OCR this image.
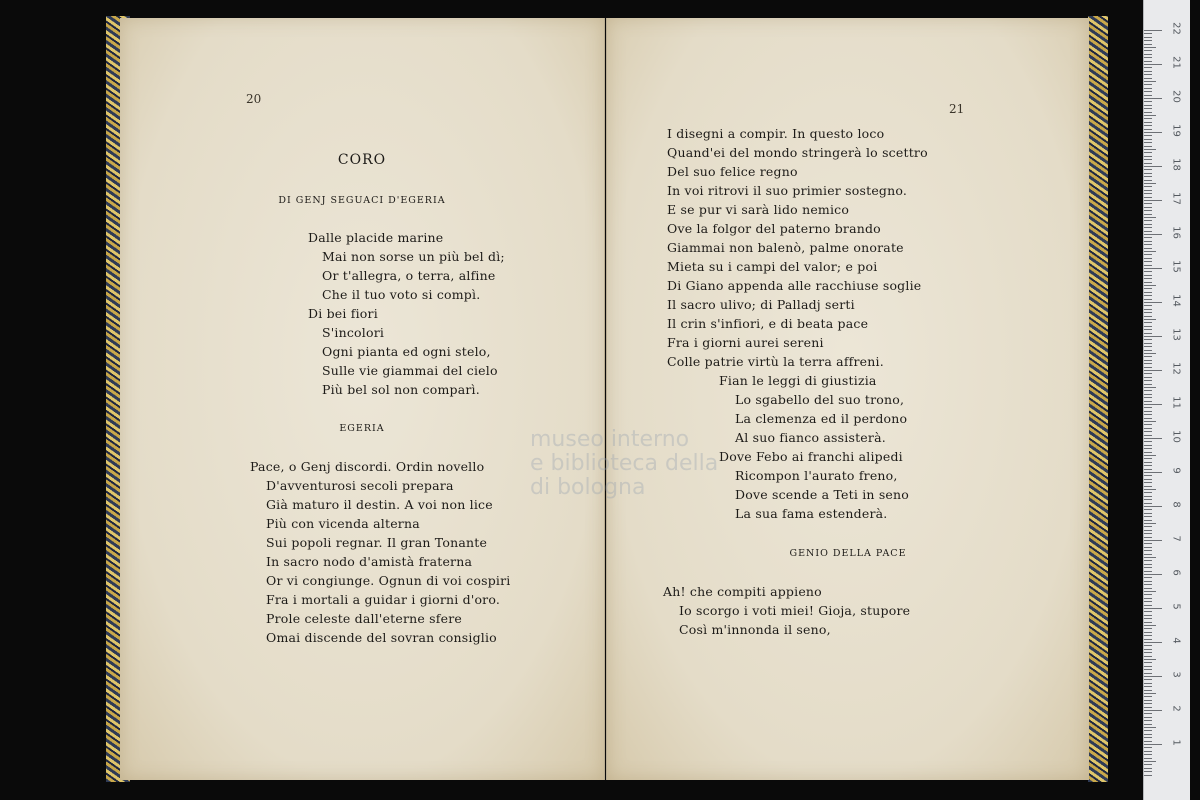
20
CORO
DI GENJ SEGUACI D'EGERIA
Dalle placide marine
Mai non sorse un più bel dì;
Or t'allegra, o terra, alfine
Che il tuo voto si compì.
Di bei fiori
S'incolori
Ogni pianta ed ogni stelo,
Sulle vie giammai del cielo
Più bel sol non comparì.
EGERIA
Pace, o Genj discordi. Ordin novello
D'avventurosi secoli prepara
Già maturo il destin. A voi non lice
Più con vicenda alterna
Sui popoli regnar. Il gran Tonante
In sacro nodo d'amistà fraterna
Or vi congiunge. Ognun di voi cospiri
Fra i mortali a guidar i giorni d'oro.
Prole celeste dall'eterne sfere
Omai discende del sovran consiglio
21
I disegni a compir. In questo loco
Quand'ei del mondo stringerà lo scettro
Del suo felice regno
In voi ritrovi il suo primier sostegno.
E se pur vi sarà lido nemico
Ove la folgor del paterno brando
Giammai non balenò, palme onorate
Mieta su i campi del valor; e poi
Di Giano appenda alle racchiuse soglie
Il sacro ulivo; di Palladj serti
Il crin s'infiori, e di beata pace
Fra i giorni aurei sereni
Colle patrie virtù la terra affreni.
Fian le leggi di giustizia
Lo sgabello del suo trono,
La clemenza ed il perdono
Al suo fianco assisterà.
Dove Febo ai franchi alipedi
Ricompon l'aurato freno,
Dove scende a Teti in seno
La sua fama estenderà.
GENIO DELLA PACE
Ah! che compiti appieno
Io scorgo i voti miei! Gioja, stupore
Così m'innonda il seno,
museo interno
e biblioteca della
di bologna
22
21
20
19
18
17
16
15
14
13
12
11
10
9
8
7
6
5
4
3
2
1
